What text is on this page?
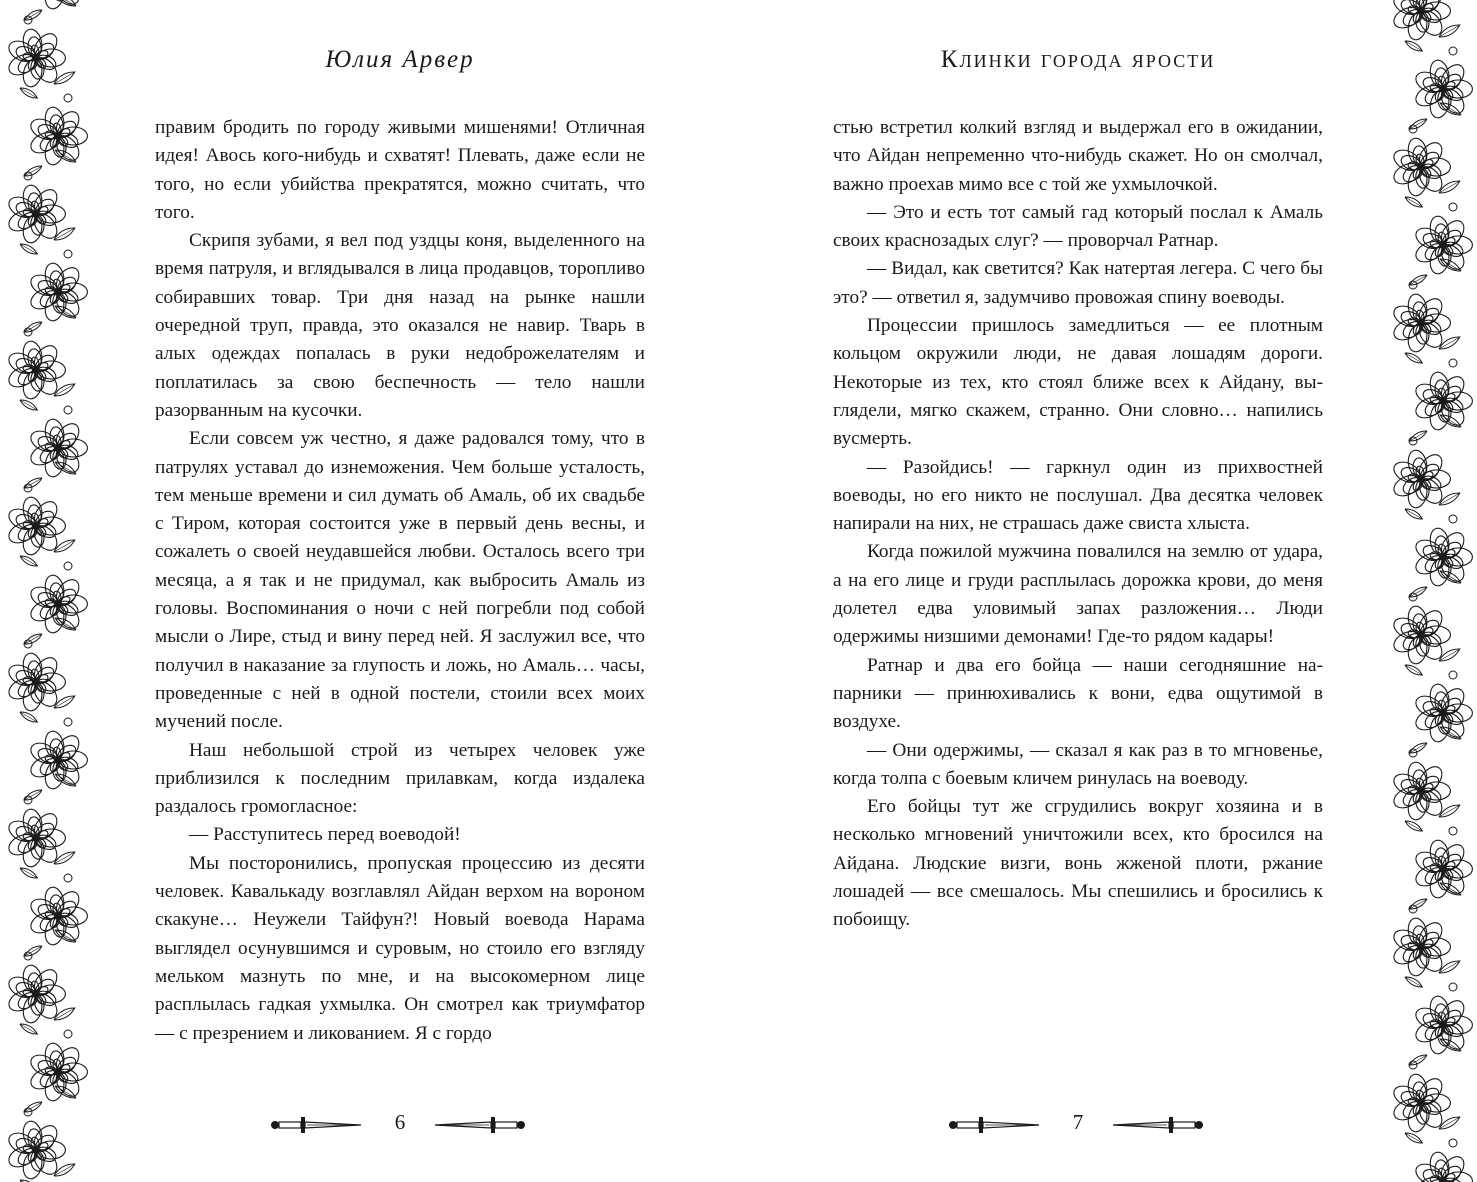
Юлия Арвер

правим бродить по городу живыми мишенями! Отличная идея! Авось кого-нибудь и схватят! Плевать, даже если не того, но если убийства прекратятся, можно считать, что того.

Скрипя зубами, я вел под уздцы коня, выделенного на время патруля, и вглядывался в лица продавцов, торопливо собиравших товар. Три дня назад на рынке нашли очередной труп, правда, это оказался не навир. Тварь в алых одеждах попалась в руки недоброжелателям и поплатилась за свою беспечность — тело нашли разорванным на кусочки.

Если совсем уж честно, я даже радовался тому, что в патрулях уставал до изнеможения. Чем больше усталость, тем меньше времени и сил думать об Амаль, об их свадьбе с Тиром, которая состоится уже в первый день весны, и сожалеть о своей неудавшейся любви. Осталось всего три месяца, а я так и не придумал, как выбросить Амаль из головы. Воспоминания о ночи с ней погребли под собой мысли о Лире, стыд и вину перед ней. Я заслужил все, что получил в наказание за глупость и ложь, но Амаль… часы, проведенные с ней в одной постели, стоили всех моих мучений после.

Наш небольшой строй из четырех человек уже приблизился к последним прилавкам, когда издалека раздалось громогласное:

— Расступитесь перед воеводой!

Мы посторонились, пропуская процессию из десяти человек. Кавалькаду возглавлял Айдан верхом на вороном скакуне… Неужели Тайфун?! Новый воевода Нарама выглядел осунувшимся и суровым, но стоило его взгляду мельком мазнуть по мне, и на высокомерном лице расплылась гадкая ухмылка. Он смотрел как триумфатор — с презрением и ликованием. Я с гордо

6
Клинки города ярости

стью встретил колкий взгляд и выдержал его в ожидании, что Айдан непременно что-нибудь скажет. Но он смолчал, важно проехав мимо все с той же ухмылочкой.

— Это и есть тот самый гад который послал к Амаль своих краснозадых слуг? — проворчал Ратнар.

— Видал, как светится? Как натертая легера. С чего бы это? — ответил я, задумчиво провожая спину воеводы.

Процессии пришлось замедлиться — ее плотным кольцом окружили люди, не давая лошадям дороги. Некоторые из тех, кто стоял ближе всех к Айдану, выглядели, мягко скажем, странно. Они словно… напились вусмерть.

— Разойдись! — гаркнул один из прихвостней воеводы, но его никто не послушал. Два десятка человек напирали на них, не страшась даже свиста хлыста.

Когда пожилой мужчина повалился на землю от удара, а на его лице и груди расплылась дорожка крови, до меня долетел едва уловимый запах разложения… Люди одержимы низшими демонами! Где-то рядом кадары!

Ратнар и два его бойца — наши сегодняшние напарники — принюхивались к вони, едва ощутимой в воздухе.

— Они одержимы, — сказал я как раз в то мгновенье, когда толпа с боевым кличем ринулась на воеводу.

Его бойцы тут же сгрудились вокруг хозяина и в несколько мгновений уничтожили всех, кто бросился на Айдана. Людские визги, вонь жженой плоти, ржание лошадей — все смешалось. Мы спешились и бросились к побоищу.

7
